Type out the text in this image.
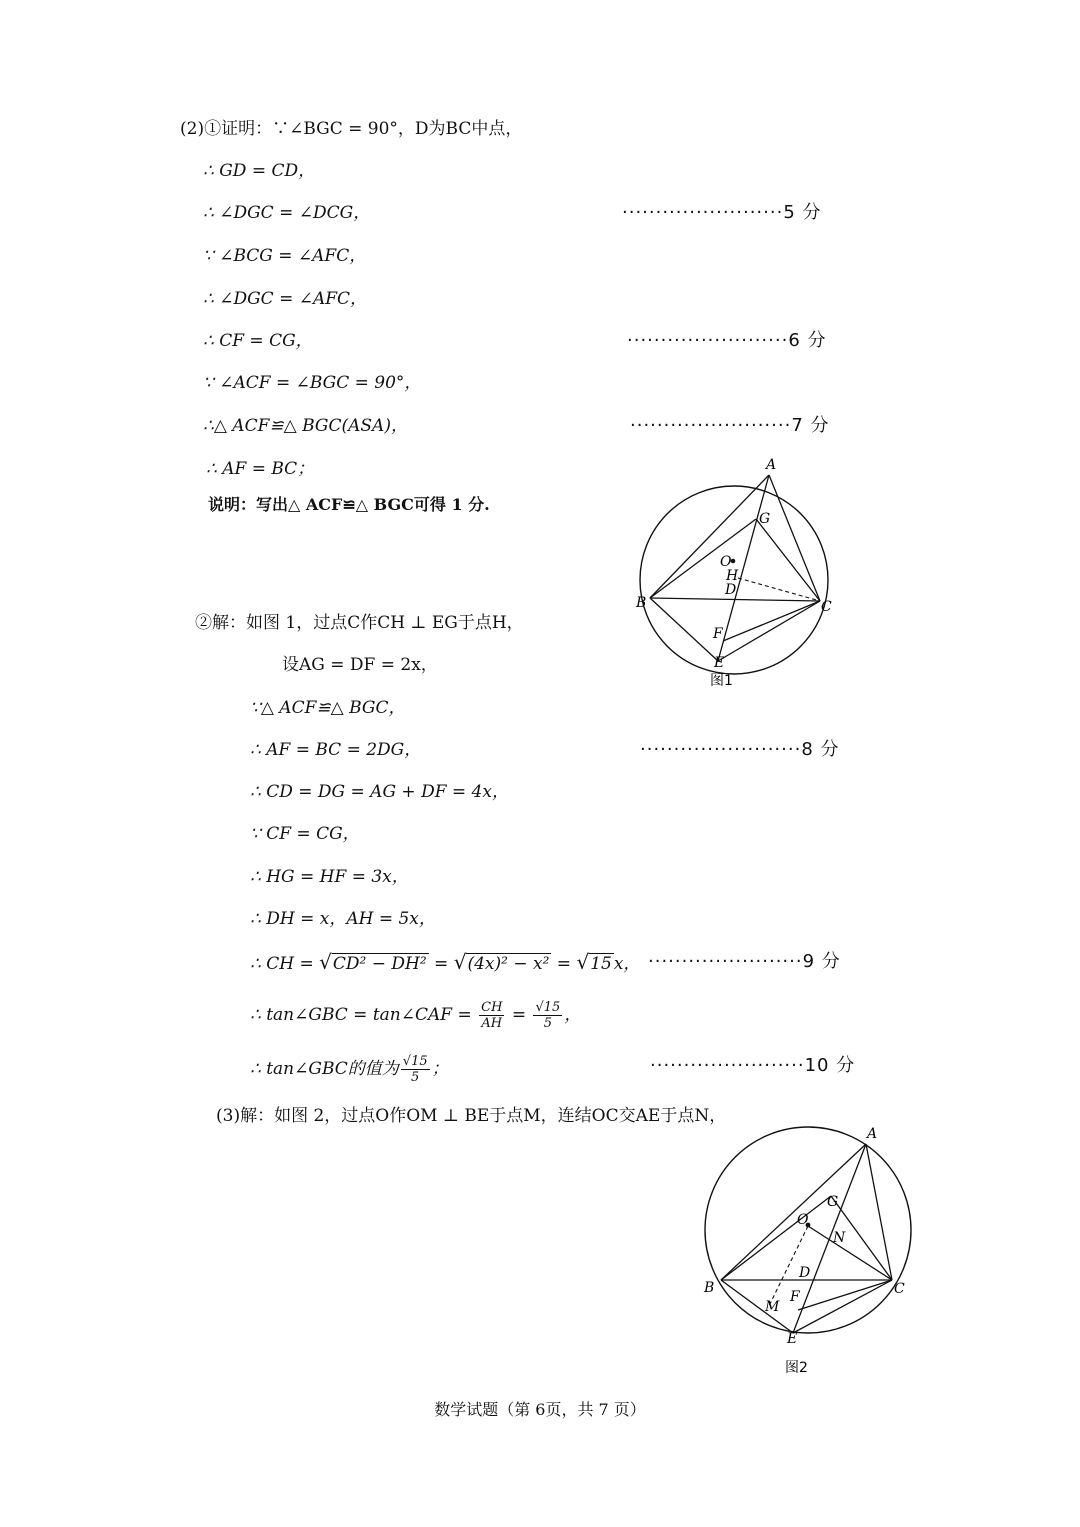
(2)①证明：∵∠BGC = 90°，D为BC中点，
∴ GD = CD，
∴ ∠DGC = ∠DCG，
∵ ∠BCG = ∠AFC，
∴ ∠DGC = ∠AFC，
∴ CF = CG，
∵ ∠ACF = ∠BGC = 90°，
∴△ ACF≌△ BGC(ASA)，
∴ AF = BC；
说明：写出△ ACF≌△ BGC可得 1 分.
························5 分
························6 分
························7 分
A
G
O
H
D
B	C
F
E
图1
②解：如图 1，过点C作CH ⊥ EG于点H，
设AG = DF = 2x，
∵△ ACF≌△ BGC，
∴ AF = BC = 2DG，
∴ CD = DG = AG + DF = 4x，
∵ CF = CG，
∴ HG = HF = 3x，
∴ DH = x，AH = 5x，
∴ CH = √CD² − DH² = √(4x)² − x² = √15 x，
∴ tan∠GBC = tan∠CAF = $\frac{CH}{AH} = \frac{√15}{5}$ ，
∴ tan∠GBC的值为 $\frac{√15}{5}$ ；
························8 分
·······················9 分
·······················10 分
(3)解：如图 2，过点O作OM ⊥ BE于点M，连结OC交AE于点N，
A
G
O
N
D
B	C
F
M
E
图2
数学试题（第 6页，共 7 页）
